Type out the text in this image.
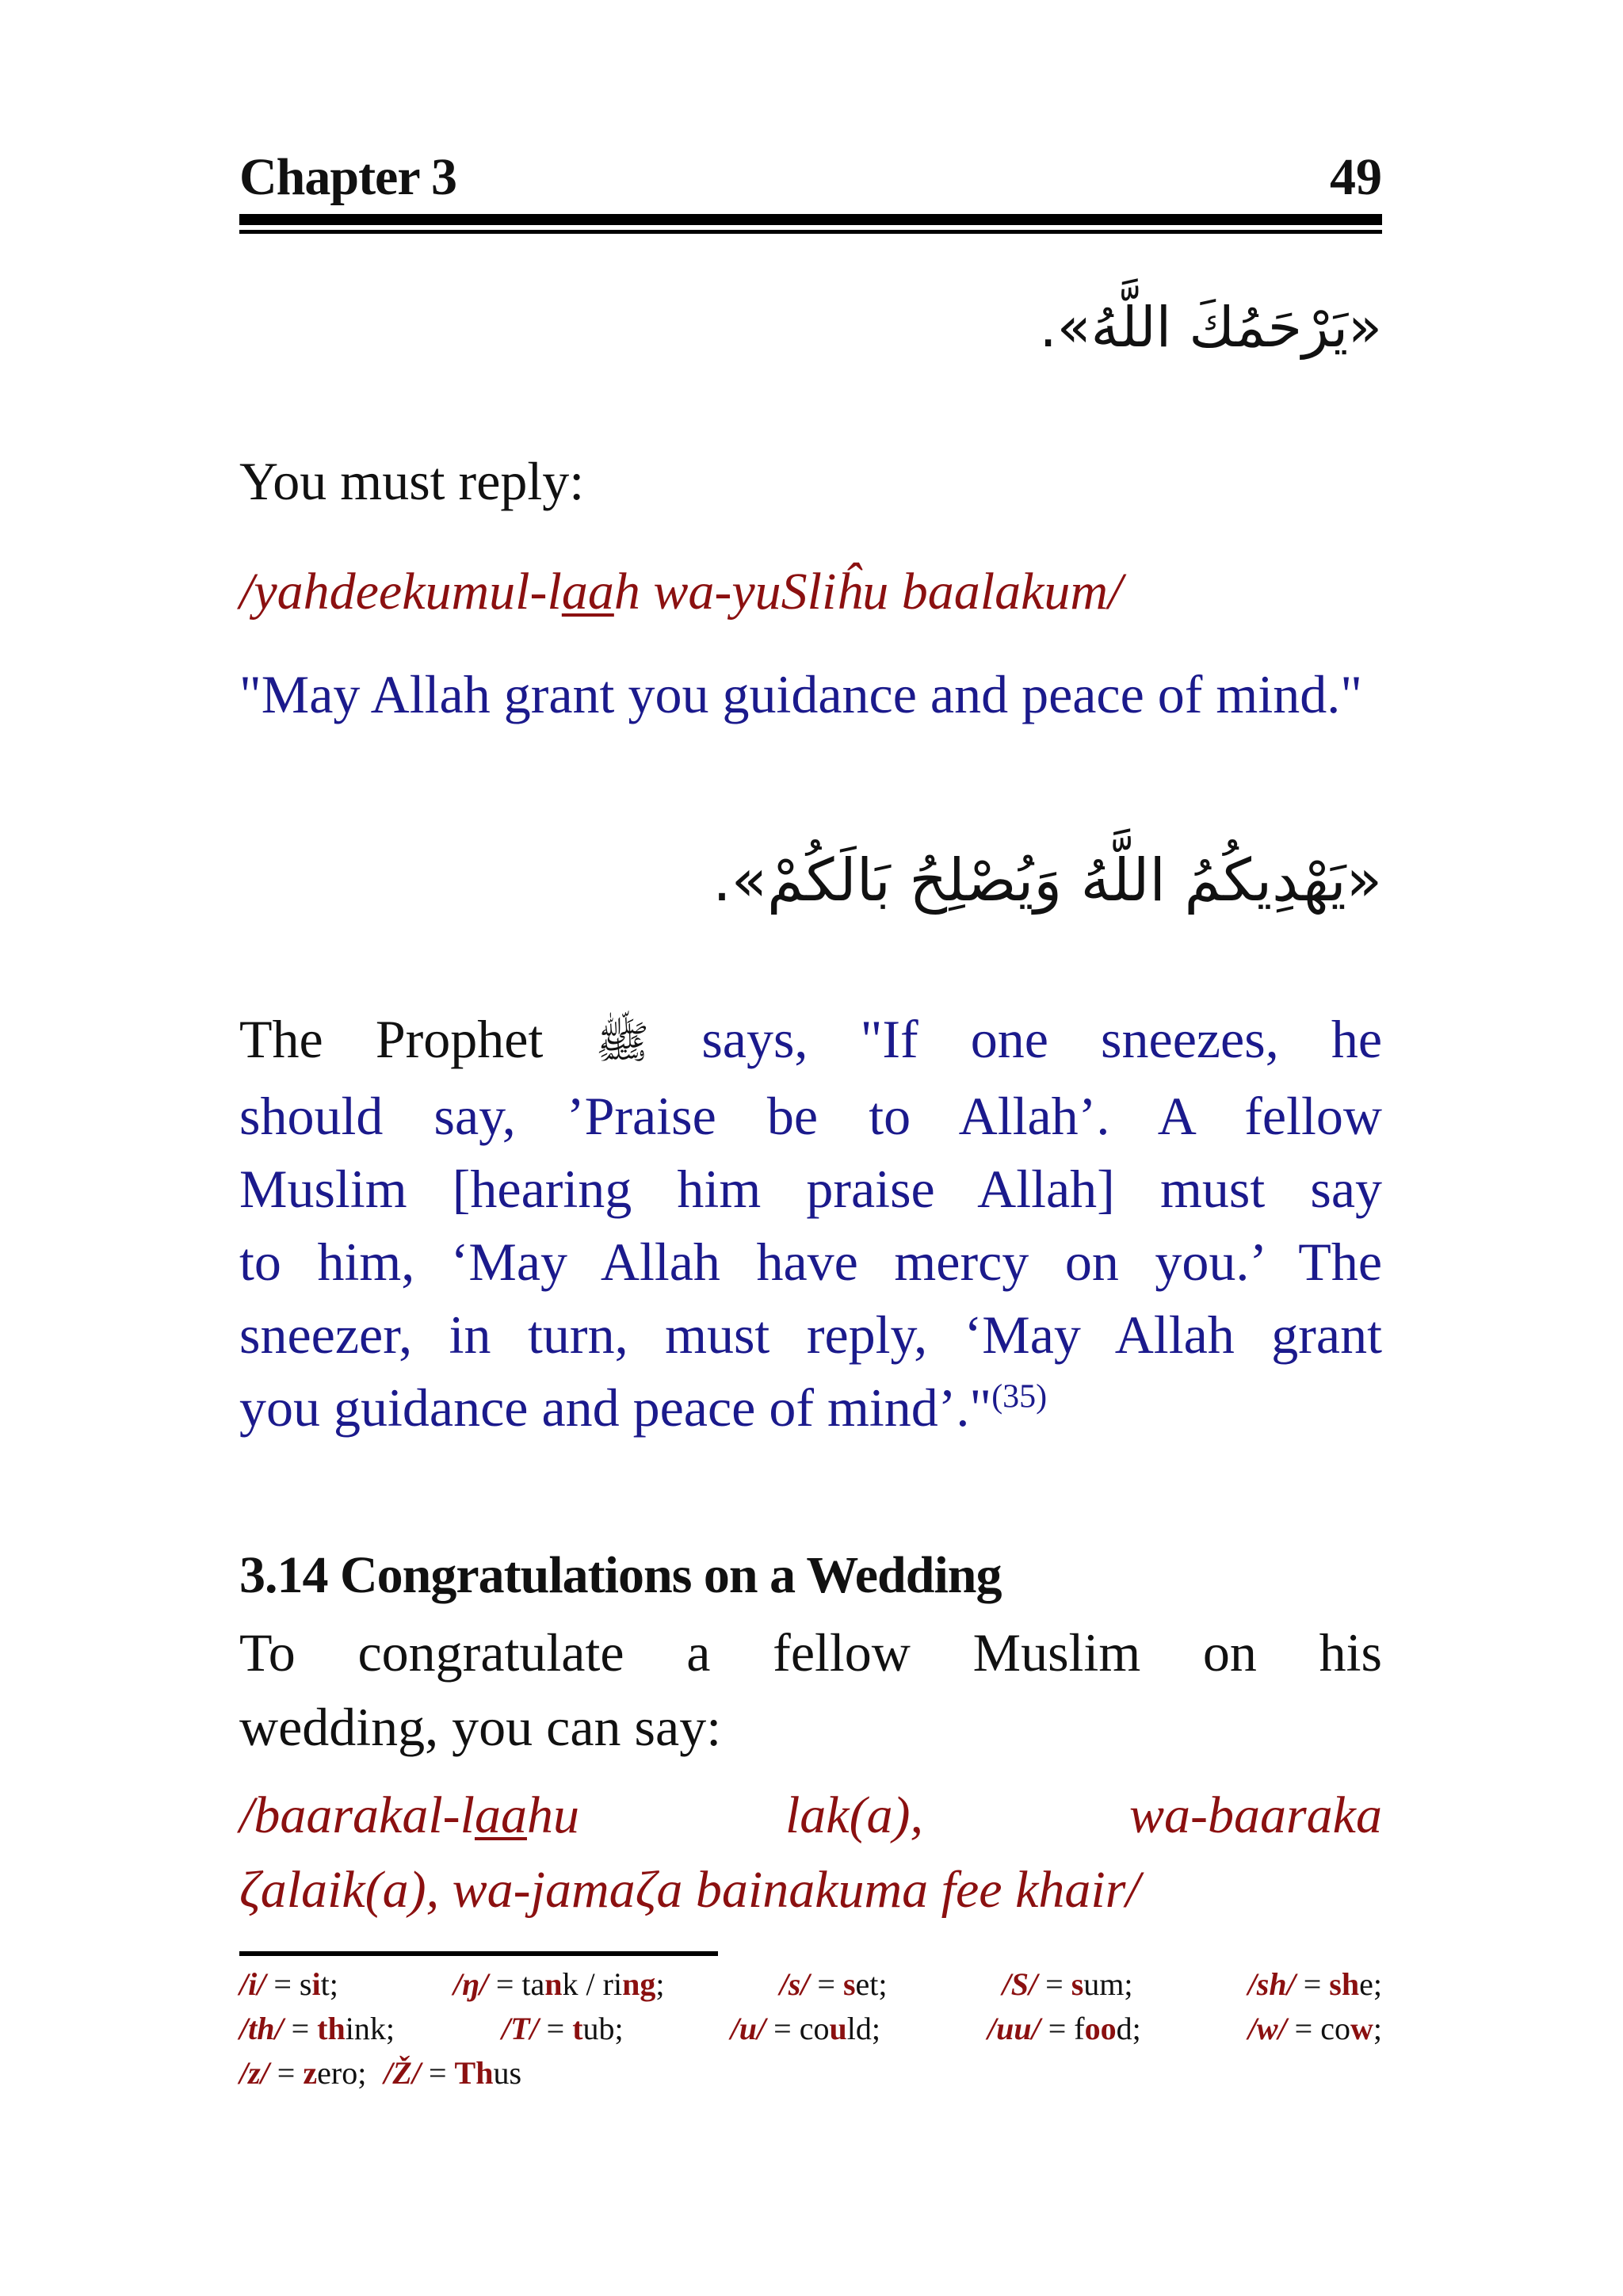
Chapter 3	49
«يَرْحَمُكَ اللَّهُ».
You must reply:
/yahdeekumul-laah wa-yuSliĥu baalakum/
"May Allah grant you guidance and peace of mind."
«يَهْدِيكُمُ اللَّهُ وَيُصْلِحُ بَالَكُمْ».
The Prophet ﷺ says, "If one sneezes, he
should say, ’Praise be to Allah’. A fellow
Muslim [hearing him praise Allah] must say
to him, ‘May Allah have mercy on you.’ The
sneezer, in turn, must reply, ‘May Allah grant
you guidance and peace of mind’."$^{(35)}$
3.14 Congratulations on a Wedding
To congratulate a fellow Muslim on his
wedding, you can say:
/baarakal-laahu	lak(a),	wa-baaraka
ζalaik(a), wa-jamaζa bainakuma fee khair/
/i/ = sit;	/ŋ/ = tank / ring;	/s/ = set;	/S/ = sum;	/sh/ = she;
/th/ = think;	/T/ = tub;	/u/ = could;	/uu/ = food;	/w/ = cow;
/z/ = zero; /Ž/ = Thus
